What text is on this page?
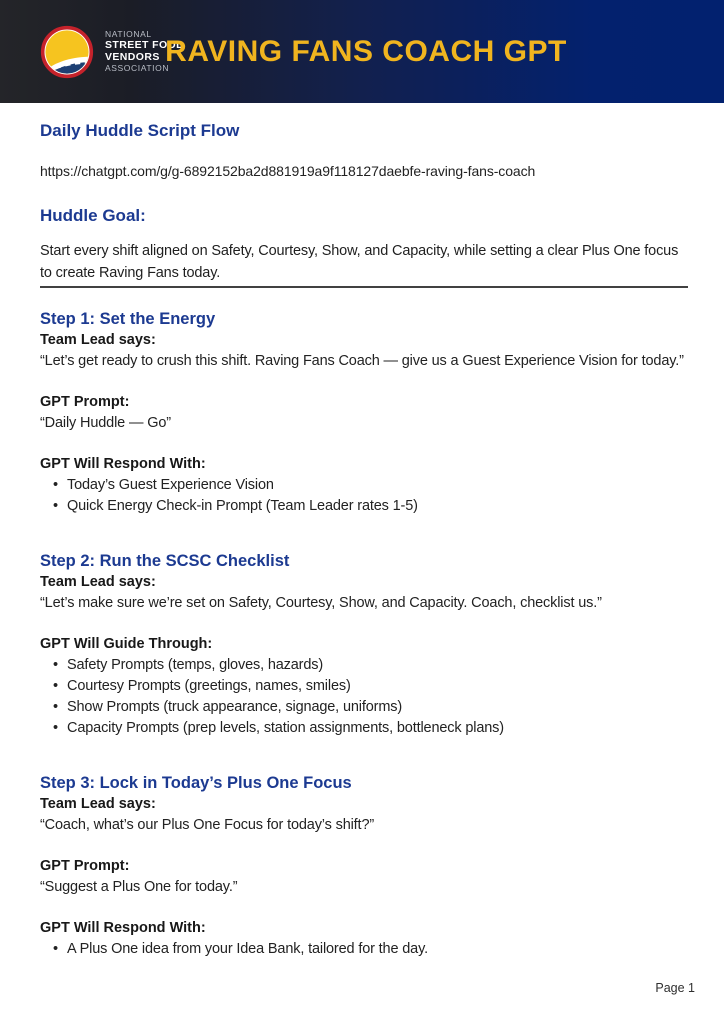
NATIONAL
STREET FOOD
VENDORS
ASSOCIATION
RAVING FANS COACH GPT
Daily Huddle Script Flow

https://chatgpt.com/g/g-6892152ba2d881919a9f118127daebfe-raving-fans-coach

Huddle Goal:

Start every shift aligned on Safety, Courtesy, Show, and Capacity, while setting a clear Plus One focus to create Raving Fans today.

Step 1: Set the Energy

Team Lead says:

“Let’s get ready to crush this shift. Raving Fans Coach — give us a Guest Experience Vision for today.”

GPT Prompt:

“Daily Huddle — Go”

GPT Will Respond With:

• Today’s Guest Experience Vision
• Quick Energy Check-in Prompt (Team Leader rates 1-5)
Step 2: Run the SCSC Checklist

Team Lead says:

“Let’s make sure we’re set on Safety, Courtesy, Show, and Capacity. Coach, checklist us.”

GPT Will Guide Through:

• Safety Prompts (temps, gloves, hazards)
• Courtesy Prompts (greetings, names, smiles)
• Show Prompts (truck appearance, signage, uniforms)
• Capacity Prompts (prep levels, station assignments, bottleneck plans)
Step 3: Lock in Today’s Plus One Focus

Team Lead says:

“Coach, what’s our Plus One Focus for today’s shift?”

GPT Prompt:

“Suggest a Plus One for today.”

GPT Will Respond With:

• A Plus One idea from your Idea Bank, tailored for the day.
Page 1
